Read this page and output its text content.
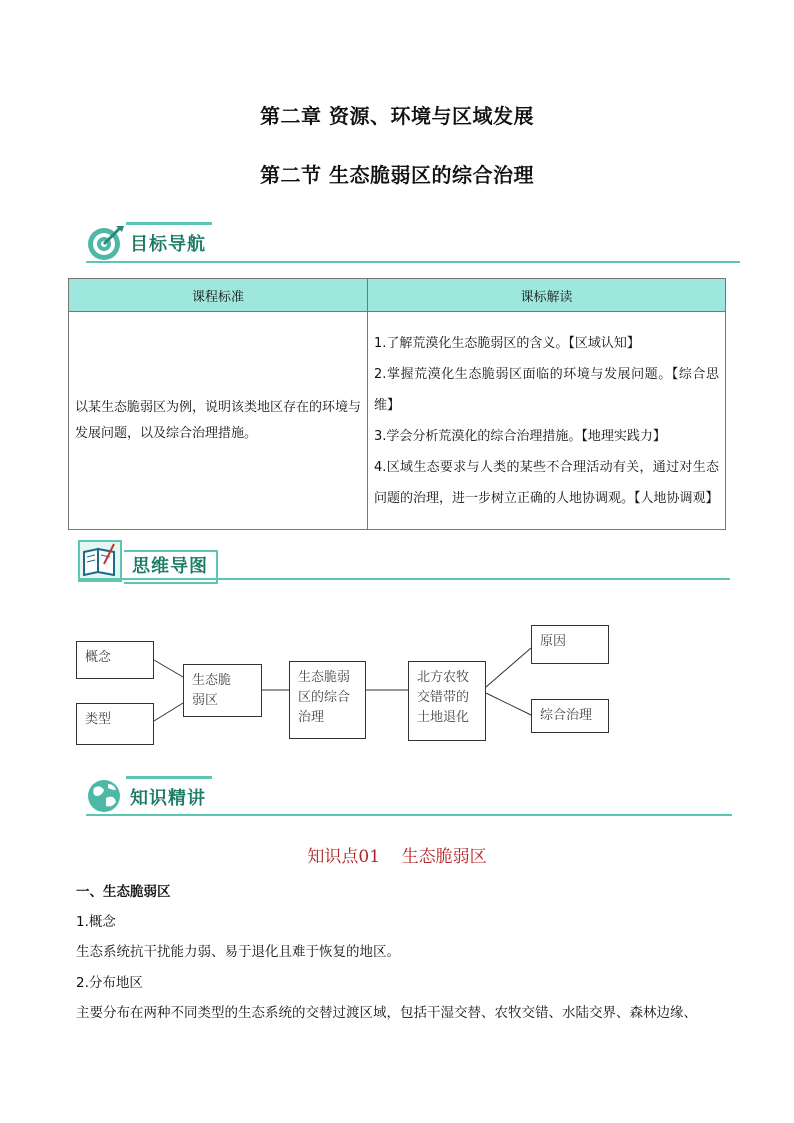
第二章 资源、环境与区域发展
第二节 生态脆弱区的综合治理
目标导航
课程标准	课标解读
以某生态脆弱区为例，说明该类地区存在的环境与发展问题，以及综合治理措施。	1.了解荒漠化生态脆弱区的含义。【区域认知】
2.掌握荒漠化生态脆弱区面临的环境与发展问题。【综合思维】
3.学会分析荒漠化的综合治理措施。【地理实践力】
4.区域生态要求与人类的某些不合理活动有关，通过对生态问题的治理，进一步树立正确的人地协调观。【人地协调观】
思维导图
概念
类型
生态脆弱区
生态脆弱区的综合治理
北方农牧交错带的土地退化
原因
综合治理
知识精讲
知识点01    生态脆弱区
一、生态脆弱区
1.概念
生态系统抗干扰能力弱、易于退化且难于恢复的地区。
2.分布地区
主要分布在两种不同类型的生态系统的交替过渡区域，包括干湿交替、农牧交错、水陆交界、森林边缘、
